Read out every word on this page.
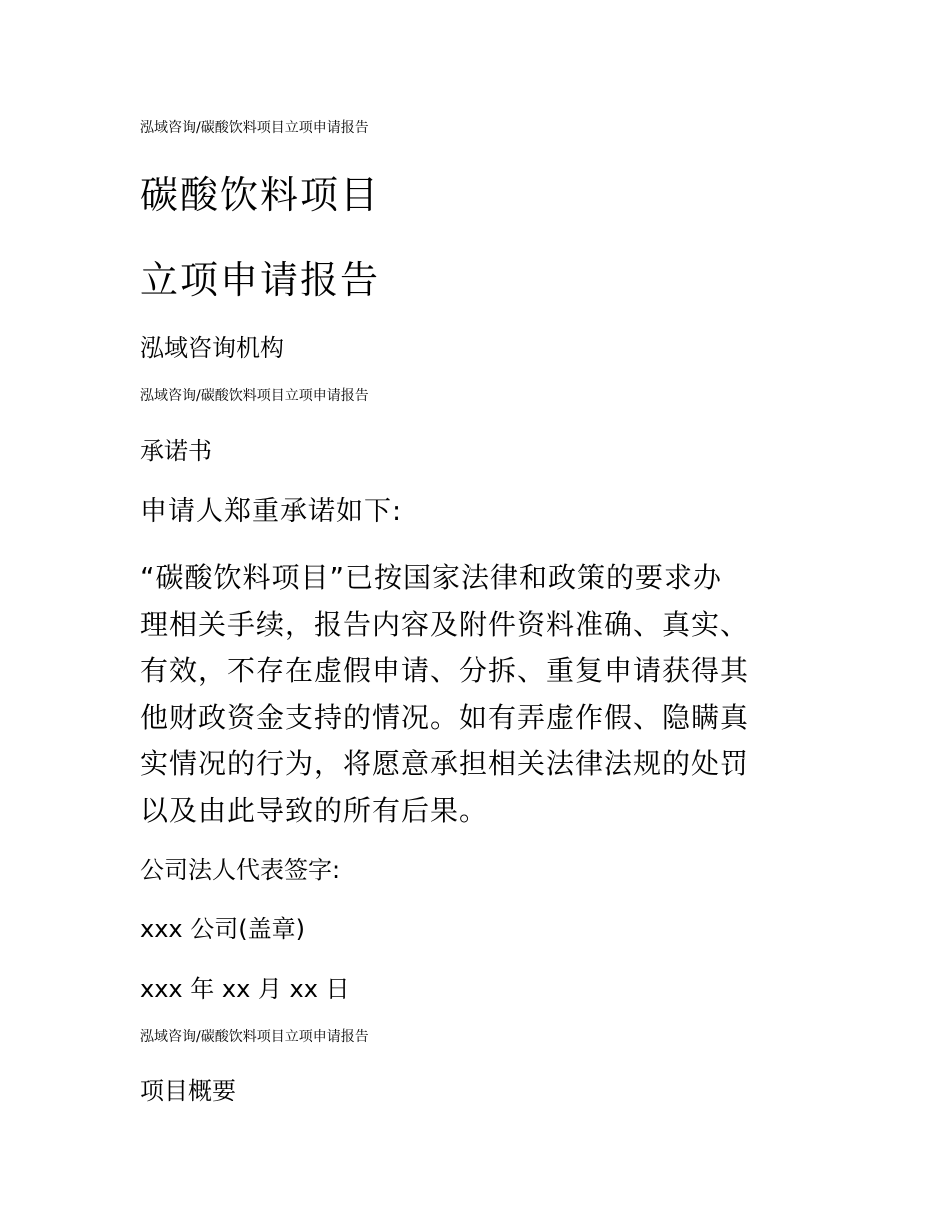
泓域咨询/碳酸饮料项目立项申请报告

碳酸饮料项目
立项申请报告

泓域咨询机构

泓域咨询/碳酸饮料项目立项申请报告

承诺书

申请人郑重承诺如下:

“碳酸饮料项目”已按国家法律和政策的要求办
理相关手续，报告内容及附件资料准确、真实、
有效，不存在虚假申请、分拆、重复申请获得其
他财政资金支持的情况。如有弄虚作假、隐瞒真
实情况的行为，将愿意承担相关法律法规的处罚
以及由此导致的所有后果。

公司法人代表签字:

xxx 公司(盖章)

xxx 年 xx 月 xx 日

泓域咨询/碳酸饮料项目立项申请报告

项目概要
